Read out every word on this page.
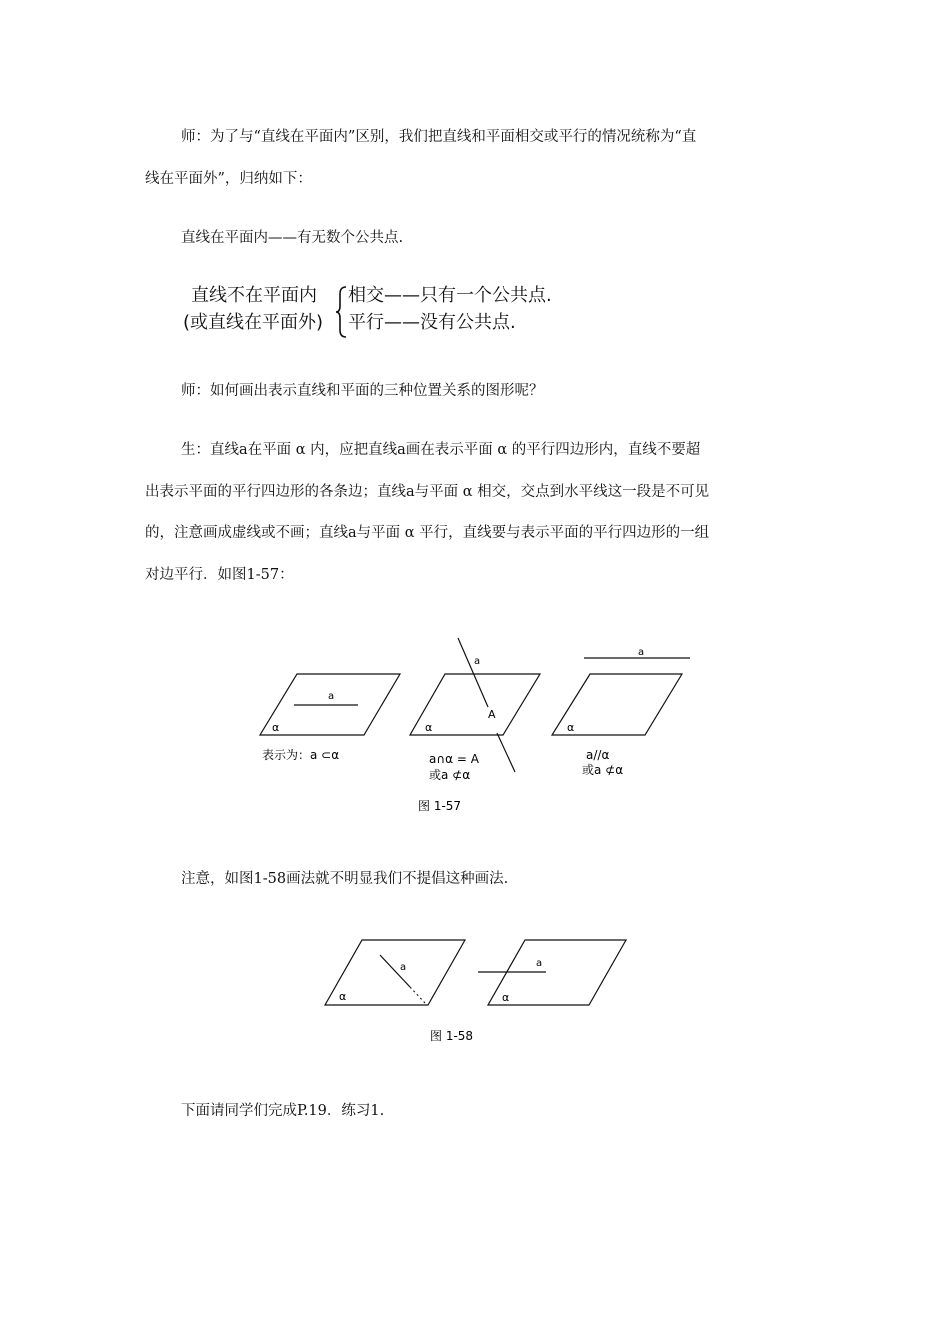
师：为了与“直线在平面内”区别，我们把直线和平面相交或平行的情况统称为“直

线在平面外”，归纳如下：

直线在平面内——有无数个公共点.

直线不在平面内
(或直线在平面外)
相交——只有一个公共点.
平行——没有公共点.

师：如何画出表示直线和平面的三种位置关系的图形呢？

生：直线a在平面 α 内，应把直线a画在表示平面 α 的平行四边形内，直线不要超

出表示平面的平行四边形的各条边；直线a与平面 α 相交，交点到水平线这一段是不可见

的，注意画成虚线或不画；直线a与平面 α 平行，直线要与表示平面的平行四边形的一组

对边平行．如图1-57：

a
α
表示为：a ⊂α
a
A
α
a∩α = A
或a ⊄α
a
α
a//α
或a ⊄α
图 1-57

注意，如图1-58画法就不明显我们不提倡这种画法.

a
α
a
α
图 1-58

下面请同学们完成P.19．练习1.
